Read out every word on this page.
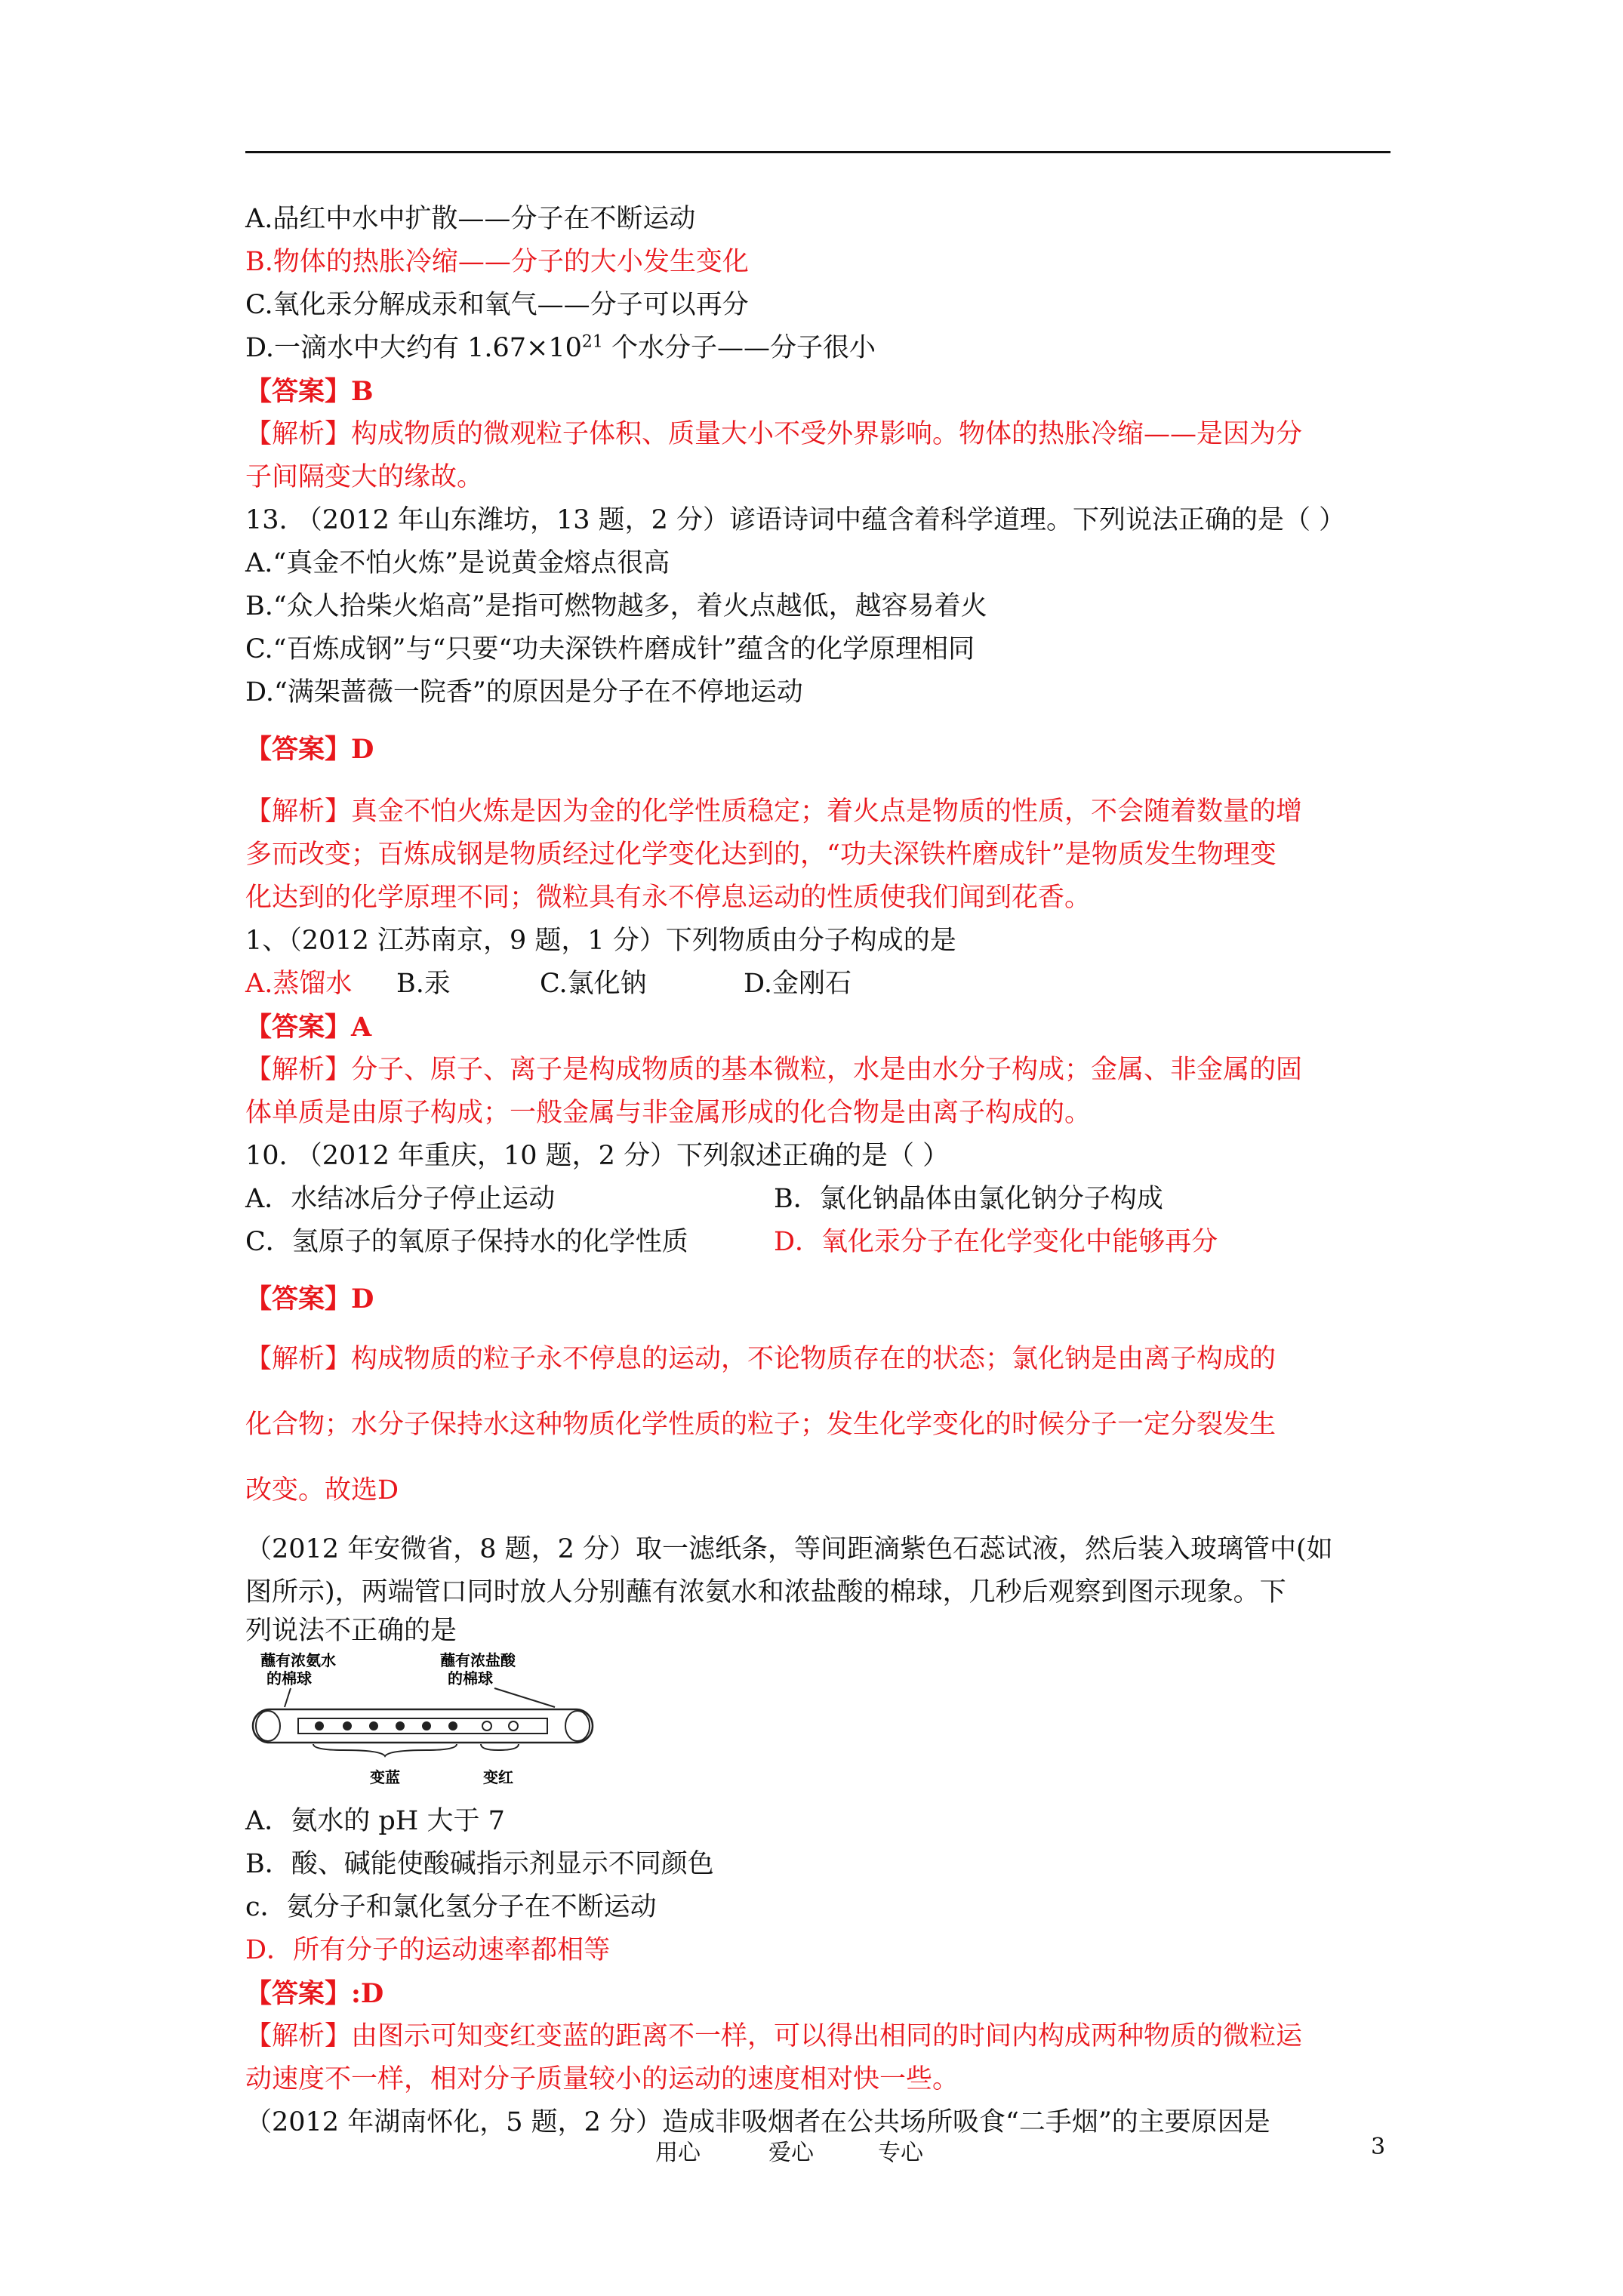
A.品红中水中扩散——分子在不断运动
B.物体的热胀冷缩——分子的大小发生变化
C.氧化汞分解成汞和氧气——分子可以再分
D.一滴水中大约有 $1.67\times 10^{21}$ 个水分子——分子很小
【答案】B
【解析】构成物质的微观粒子体积、质量大小不受外界影响。物体的热胀冷缩——是因为分
子间隔变大的缘故。
13. （2012 年山东潍坊，13 题，2 分）谚语诗词中蕴含着科学道理。下列说法正确的是（ ）
A.“真金不怕火炼”是说黄金熔点很高
B.“众人拾柴火焰高”是指可燃物越多，着火点越低，越容易着火
C.“百炼成钢”与“只要“功夫深铁杵磨成针”蕴含的化学原理相同
D.“满架蔷薇一院香”的原因是分子在不停地运动
【答案】D
【解析】真金不怕火炼是因为金的化学性质稳定；着火点是物质的性质，不会随着数量的增
多而改变；百炼成钢是物质经过化学变化达到的，“功夫深铁杵磨成针”是物质发生物理变
化达到的化学原理不同；微粒具有永不停息运动的性质使我们闻到花香。
1、（2012 江苏南京，9 题，1 分）下列物质由分子构成的是
A.蒸馏水 B.汞	C.氯化钠	D.金刚石
【答案】A
【解析】分子、原子、离子是构成物质的基本微粒，水是由水分子构成；金属、非金属的固
体单质是由原子构成；一般金属与非金属形成的化合物是由离子构成的。
10. （2012 年重庆，10 题，2 分）下列叙述正确的是（ ）
A．水结冰后分子停止运动	B．氯化钠晶体由氯化钠分子构成
C．氢原子的氧原子保持水的化学性质	D．氧化汞分子在化学变化中能够再分
【答案】D
【解析】构成物质的粒子永不停息的运动，不论物质存在的状态；氯化钠是由离子构成的
化合物；水分子保持水这种物质化学性质的粒子；发生化学变化的时候分子一定分裂发生
改变。故选D
（2012 年安微省，8 题，2 分）取一滤纸条，等间距滴紫色石蕊试液，然后装入玻璃管中(如
图所示)，两端管口同时放人分别蘸有浓氨水和浓盐酸的棉球，几秒后观察到图示现象。下
列说法不正确的是
蘸有浓氨水
的棉球
蘸有浓盐酸
的棉球
变蓝	变红
A．氨水的 pH 大于 7
B．酸、碱能使酸碱指示剂显示不同颜色
c．氨分子和氯化氢分子在不断运动
D．所有分子的运动速率都相等
【答案】:D
【解析】由图示可知变红变蓝的距离不一样，可以得出相同的时间内构成两种物质的微粒运
动速度不一样，相对分子质量较小的运动的速度相对快一些。
（2012 年湖南怀化，5 题，2 分）造成非吸烟者在公共场所吸食“二手烟”的主要原因是
用心	爱心	专心	3
